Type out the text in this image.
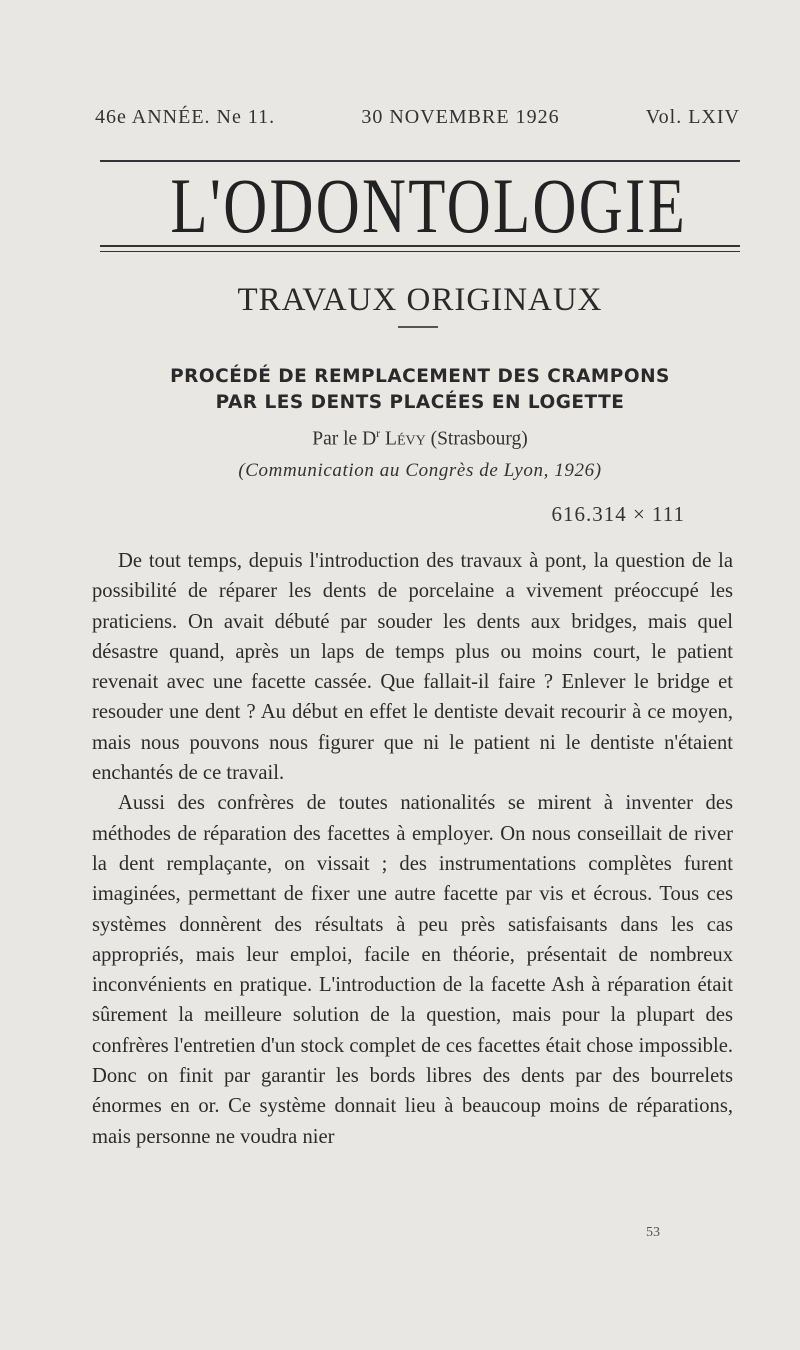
46e ANNÉE. Ne 11.	30 NOVEMBRE 1926	Vol. LXIV
L'ODONTOLOGIE
TRAVAUX ORIGINAUX
PROCÉDÉ DE REMPLACEMENT DES CRAMPONS
PAR LES DENTS PLACÉES EN LOGETTE
Par le $D^r$ Lévy (Strasbourg)
(Communication au Congrès de Lyon, 1926)
616.314 × 111

De tout temps, depuis l'introduction des travaux à pont, la question de la possibilité de réparer les dents de porcelaine a vivement préoccupé les praticiens. On avait débuté par souder les dents aux bridges, mais quel désastre quand, après un laps de temps plus ou moins court, le patient revenait avec une facette cassée. Que fallait-il faire ? Enlever le bridge et resouder une dent ? Au début en effet le dentiste devait recourir à ce moyen, mais nous pouvons nous figurer que ni le patient ni le dentiste n'étaient enchantés de ce travail.

Aussi des confrères de toutes nationalités se mirent à inventer des méthodes de réparation des facettes à employer. On nous conseillait de river la dent remplaçante, on vissait ; des instrumentations complètes furent imaginées, permettant de fixer une autre facette par vis et écrous. Tous ces systèmes donnèrent des résultats à peu près satisfaisants dans les cas appropriés, mais leur emploi, facile en théorie, présentait de nombreux inconvénients en pratique. L'introduction de la facette Ash à réparation était sûrement la meilleure solution de la question, mais pour la plupart des confrères l'entretien d'un stock complet de ces facettes était chose impossible. Donc on finit par garantir les bords libres des dents par des bourrelets énormes en or. Ce système donnait lieu à beaucoup moins de réparations, mais personne ne voudra nier

53
